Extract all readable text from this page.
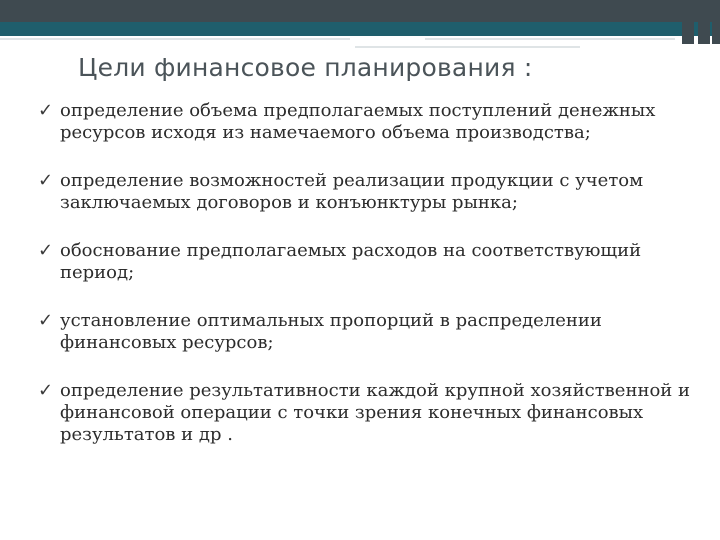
Цели финансовое планирования :
✓ определение объема предполагаемых поступлений денежных ресурсов исходя из намечаемого объема производства;
✓ определение возможностей реализации продукции с учетом заключаемых договоров и конъюнктуры рынка;
✓ обоснование предполагаемых расходов на соответствующий период;
✓ установление оптимальных пропорций в распределении финансовых ресурсов;
✓ определение результативности каждой крупной хозяйственной и финансовой операции с точки зрения конечных финансовых результатов и др .
